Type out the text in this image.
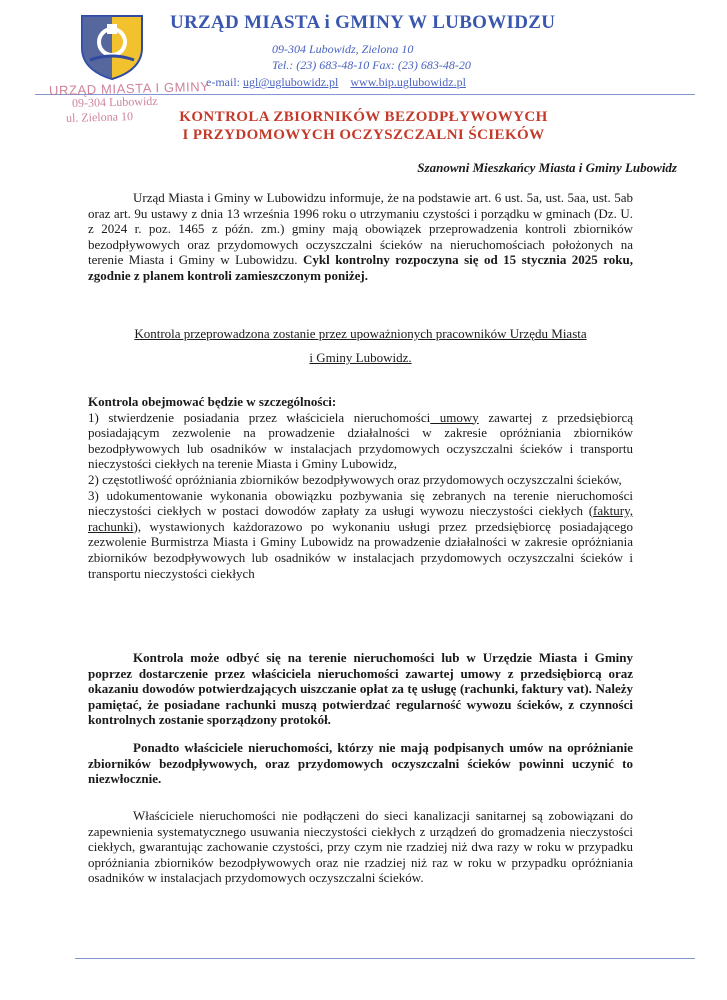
URZĄD MIASTA i GMINY W LUBOWIDZU
09-304 Lubowidz, Zielona 10
Tel.: (23) 683-48-10 Fax: (23) 683-48-20
e-mail: ugl@uglubowidz.pl www.bip.uglubowidz.pl
URZĄD MIASTA I GMINY
09-304 Lubowidz
ul. Zielona 10	KONTROLA ZBIORNIKÓW BEZODPŁYWOWYCH
I PRZYDOMOWYCH OCZYSZCZALNI ŚCIEKÓW
Szanowni Mieszkańcy Miasta i Gminy Lubowidz
Urząd Miasta i Gminy w Lubowidzu informuje, że na podstawie art. 6 ust. 5a, ust. 5aa, ust. 5ab oraz art. 9u ustawy z dnia 13 września 1996 roku o utrzymaniu czystości i porządku w gminach (Dz. U. z 2024 r. poz. 1465 z późn. zm.) gminy mają obowiązek przeprowadzenia kontroli zbiorników bezodpływowych oraz przydomowych oczyszczalni ścieków na nieruchomościach położonych na terenie Miasta i Gminy w Lubowidzu. Cykl kontrolny rozpoczyna się od 15 stycznia 2025 roku, zgodnie z planem kontroli zamieszczonym poniżej.
Kontrola przeprowadzona zostanie przez upoważnionych pracowników Urzędu Miasta
i Gminy Lubowidz.
Kontrola obejmować będzie w szczególności:
1) stwierdzenie posiadania przez właściciela nieruchomości umowy zawartej z przedsiębiorcą posiadającym zezwolenie na prowadzenie działalności w zakresie opróżniania zbiorników bezodpływowych lub osadników w instalacjach przydomowych oczyszczalni ścieków i transportu nieczystości ciekłych na terenie Miasta i Gminy Lubowidz,
2) częstotliwość opróżniania zbiorników bezodpływowych oraz przydomowych oczyszczalni ścieków,
3) udokumentowanie wykonania obowiązku pozbywania się zebranych na terenie nieruchomości nieczystości ciekłych w postaci dowodów zapłaty za usługi wywozu nieczystości ciekłych (faktury, rachunki), wystawionych każdorazowo po wykonaniu usługi przez przedsiębiorcę posiadającego zezwolenie Burmistrza Miasta i Gminy Lubowidz na prowadzenie działalności w zakresie opróżniania zbiorników bezodpływowych lub osadników w instalacjach przydomowych oczyszczalni ścieków i transportu nieczystości ciekłych
Kontrola może odbyć się na terenie nieruchomości lub w Urzędzie Miasta i Gminy poprzez dostarczenie przez właściciela nieruchomości zawartej umowy z przedsiębiorcą oraz okazaniu dowodów potwierdzających uiszczanie opłat za tę usługę (rachunki, faktury vat). Należy pamiętać, że posiadane rachunki muszą potwierdzać regularność wywozu ścieków, z czynności kontrolnych zostanie sporządzony protokół.
Ponadto właściciele nieruchomości, którzy nie mają podpisanych umów na opróżnianie zbiorników bezodpływowych, oraz przydomowych oczyszczalni ścieków powinni uczynić to niezwłocznie.
Właściciele nieruchomości nie podłączeni do sieci kanalizacji sanitarnej są zobowiązani do zapewnienia systematycznego usuwania nieczystości ciekłych z urządzeń do gromadzenia nieczystości ciekłych, gwarantując zachowanie czystości, przy czym nie rzadziej niż dwa razy w roku w przypadku opróżniania zbiorników bezodpływowych oraz nie rzadziej niż raz w roku w przypadku opróżniania osadników w instalacjach przydomowych oczyszczalni ścieków.
